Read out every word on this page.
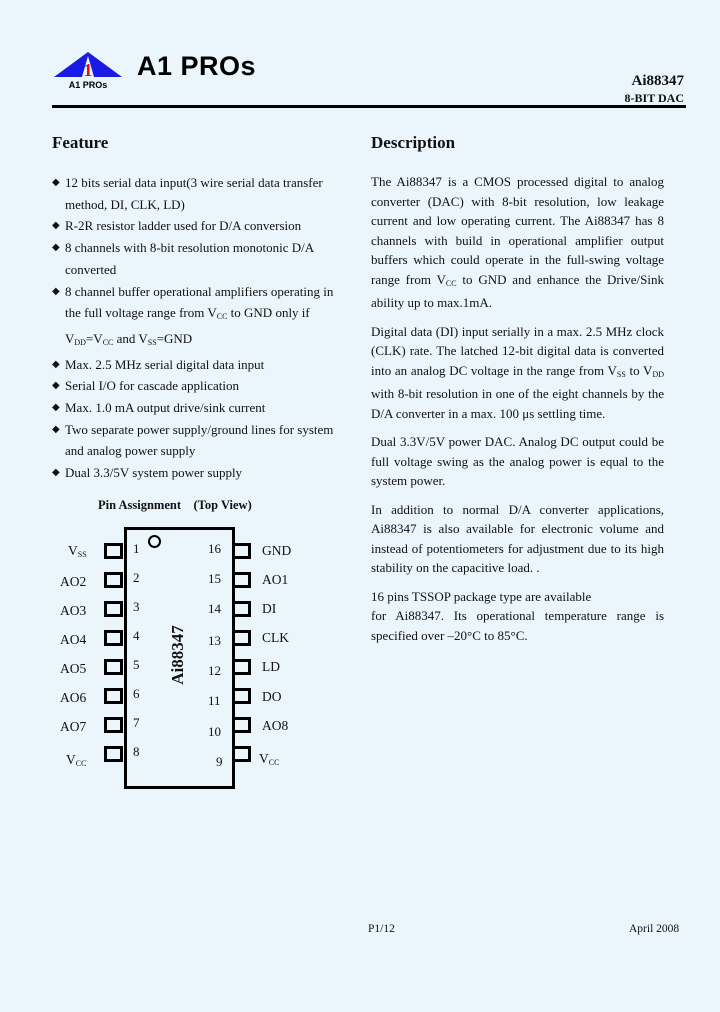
1
A1 PROs
A1 PROs	Ai88347
8-BIT DAC
Feature
◆ 12 bits serial data input(3 wire serial data transfer method, DI, CLK, LD)
◆ R-2R resistor ladder used for D/A conversion
◆ 8 channels with 8-bit resolution monotonic D/A converted
◆ 8 channel buffer operational amplifiers operating in the full voltage range from $V_{CC}$ to GND only if $V_{DD}=V_{CC}$ and $V_{SS}=GND$
◆ Max. 2.5 MHz serial digital data input
◆ Serial I/O for cascade application
◆ Max. 1.0 mA output drive/sink current
◆ Two separate power supply/ground lines for system and analog power supply
◆ Dual 3.3/5V system power supply
Description

The Ai88347 is a CMOS processed digital to analog converter (DAC) with 8-bit resolution, low leakage current and low operating current. The Ai88347 has 8 channels with build in operational amplifier output buffers which could operate in the full-swing voltage range from $V_{CC}$ to GND and enhance the Drive/Sink ability up to max.1mA.

Digital data (DI) input serially in a max. 2.5 MHz clock (CLK) rate. The latched 12-bit digital data is converted into an analog DC voltage in the range from $V_{SS}$ to $V_{DD}$ with 8-bit resolution in one of the eight channels by the D/A converter in a max. 100 μs settling time.

Dual 3.3V/5V power DAC. Analog DC output could be full voltage swing as the analog power is equal to the system power.

In addition to normal D/A converter applications, Ai88347 is also available for electronic volume and instead of potentiometers for adjustment due to its high stability on the capacitive load. .

16 pins TSSOP package type are available
for Ai88347. Its operational temperature range is specified over –20°C to 85°C.

Pin Assignment    (Top View)
Ai88347
1
2
3
4
5
6
7
8
16
15
14
13
12
11
10
9
$V_{SS}$
AO2
AO3
AO4
AO5
AO6
AO7
$V_{CC}$
GND
AO1
DI
CLK
LD
DO
AO8
$V_{CC}$
P1/12	April 2008
